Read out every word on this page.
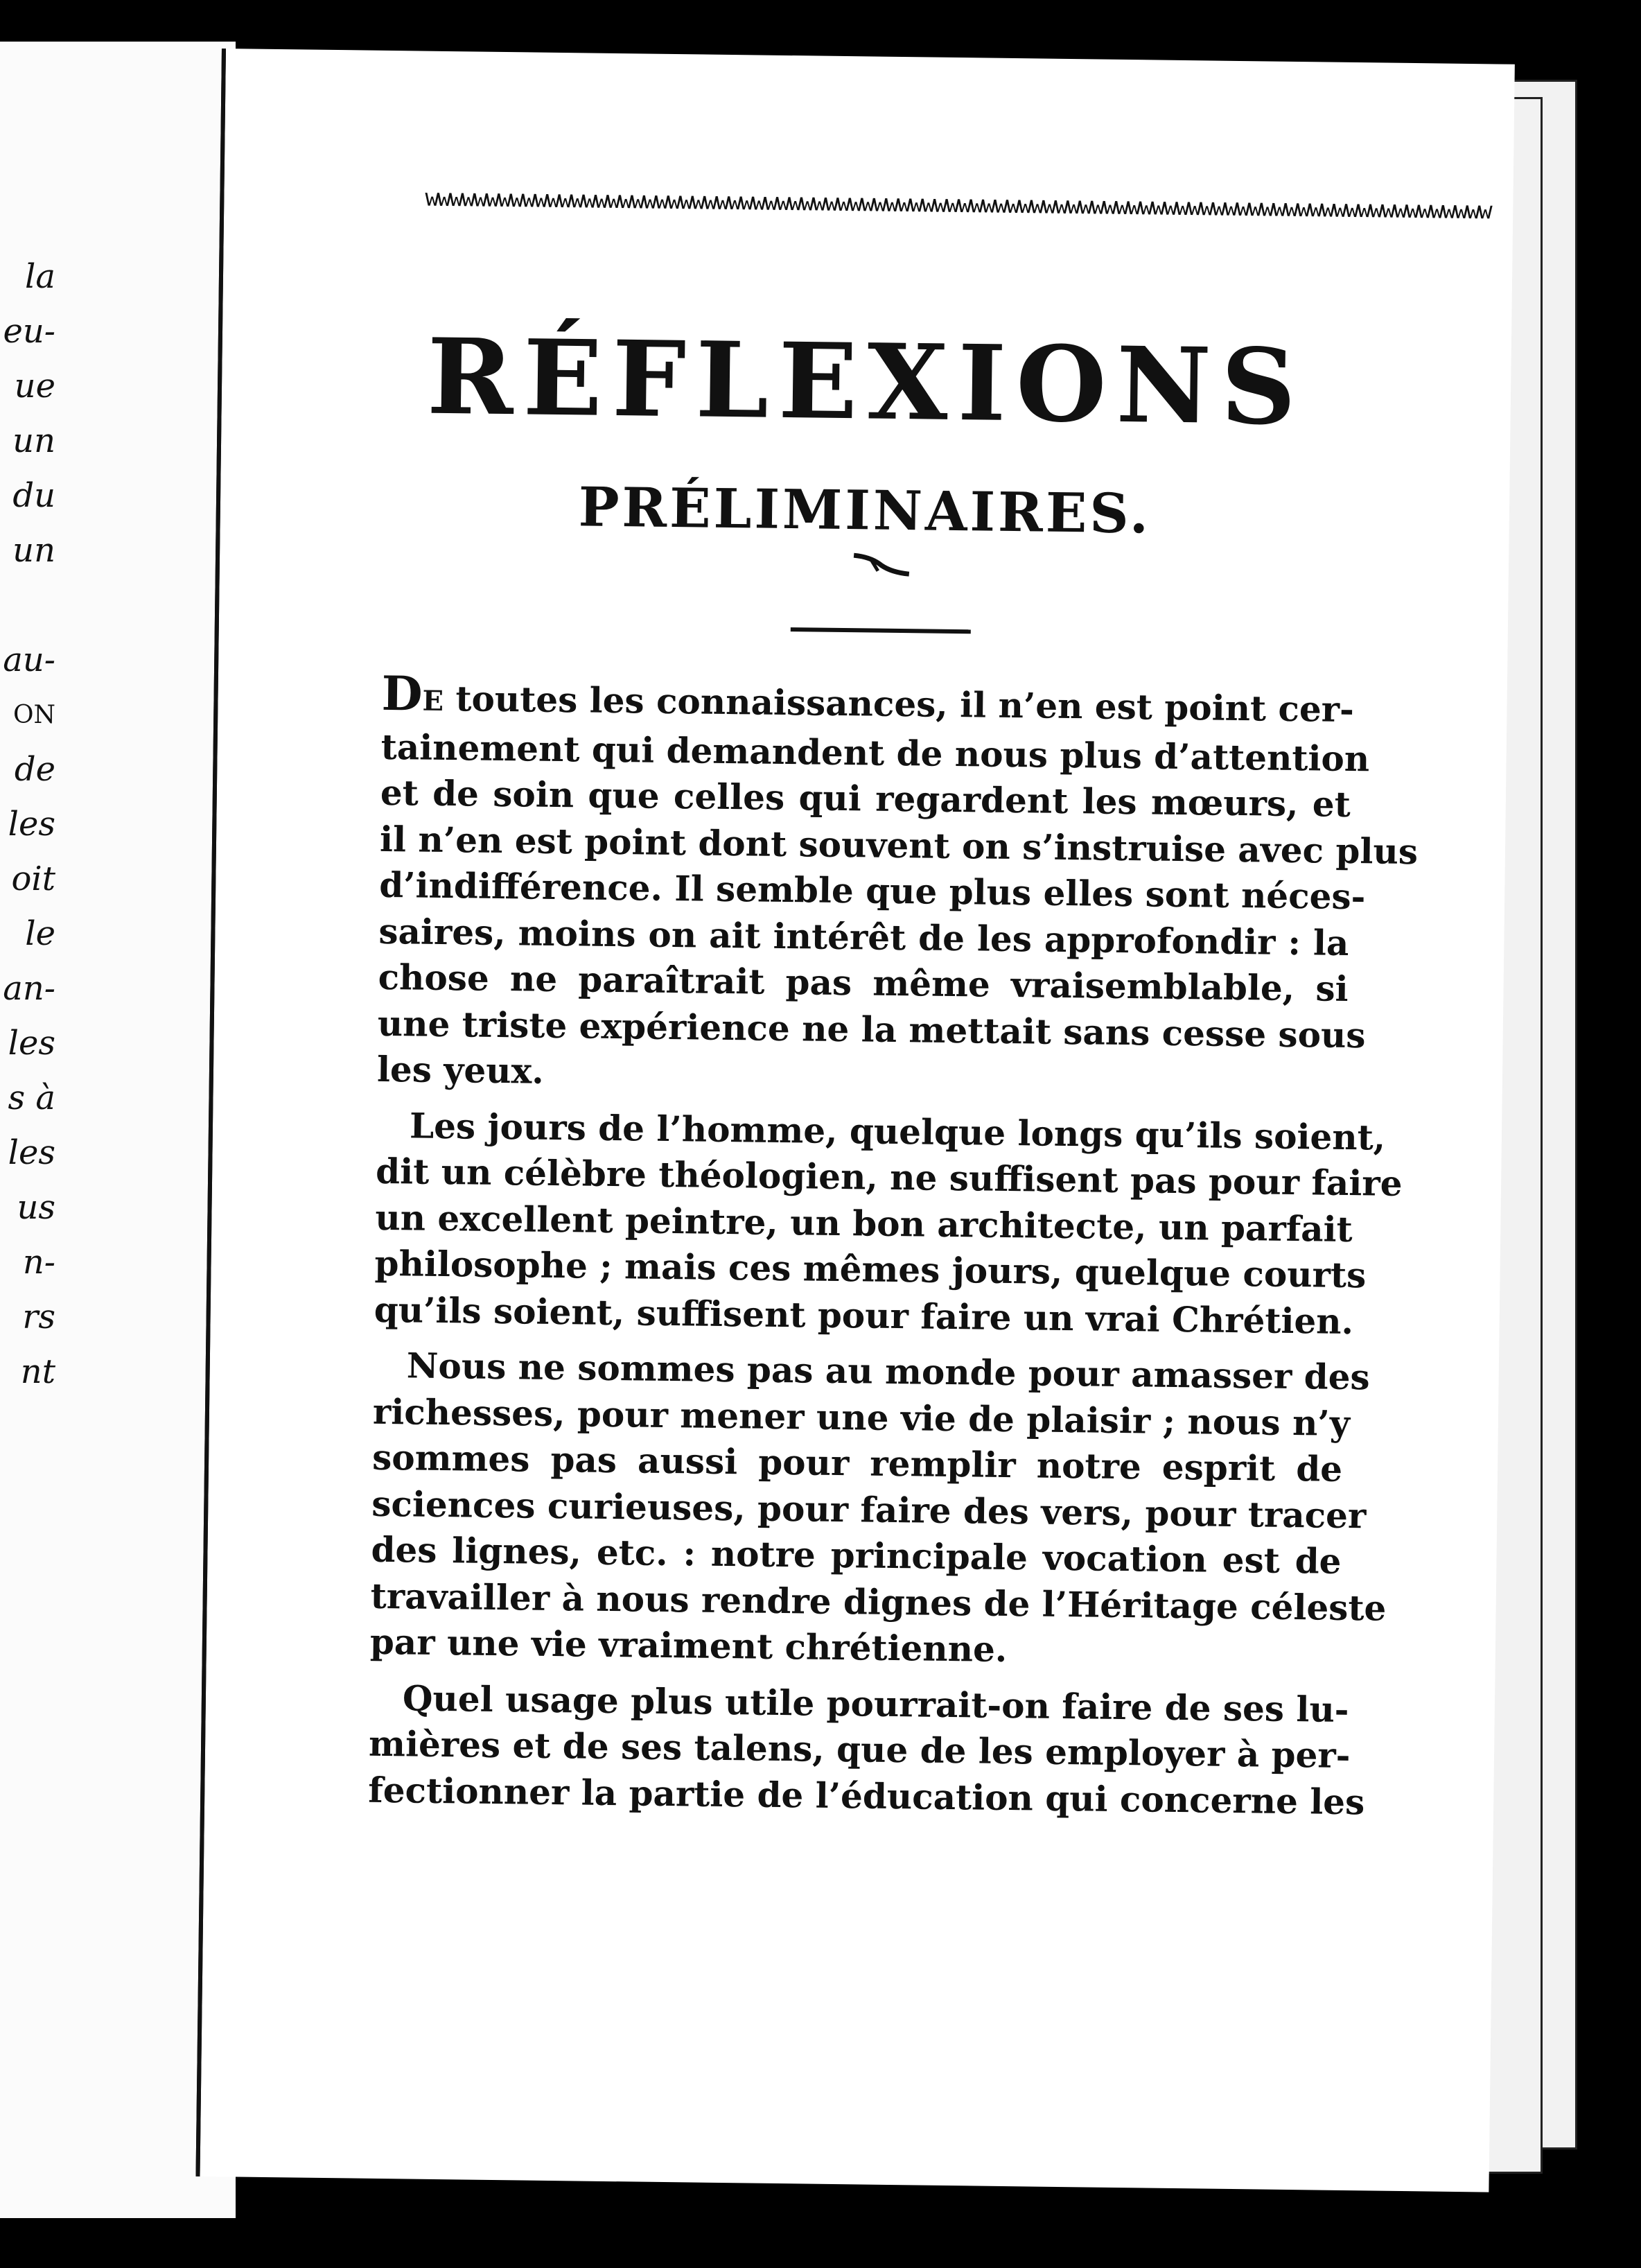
la
eu-
ue
un
du
un
au-
ON
de
les
oit
le
an-
les
s à
les
us
n-
rs
nt
wwwwwwwwwwwwwwwwwwwwwwwwwwwwwwwwwwwwwwwwwwwwwwwwwwwwwwwwwwwwwwwwwwwwwwwwwwwwwwwwwwwwwwww
RÉFLEXIONS
PRÉLIMINAIRES.

DE toutes les connaissances, il n’en est point cer-
tainement qui demandent de nous plus d’attention
et de soin que celles qui regardent les mœurs, et
il n’en est point dont souvent on s’instruise avec plus
d’indifférence. Il semble que plus elles sont néces-
saires, moins on ait intérêt de les approfondir : la
chose ne paraîtrait pas même vraisemblable, si
une triste expérience ne la mettait sans cesse sous
les yeux.

Les jours de l’homme, quelque longs qu’ils soient,
dit un célèbre théologien, ne suffisent pas pour faire
un excellent peintre, un bon architecte, un parfait
philosophe ; mais ces mêmes jours, quelque courts
qu’ils soient, suffisent pour faire un vrai Chrétien.

Nous ne sommes pas au monde pour amasser des
richesses, pour mener une vie de plaisir ; nous n’y
sommes pas aussi pour remplir notre esprit de
sciences curieuses, pour faire des vers, pour tracer
des lignes, etc. : notre principale vocation est de
travailler à nous rendre dignes de l’Héritage céleste
par une vie vraiment chrétienne.

Quel usage plus utile pourrait-on faire de ses lu-
mières et de ses talens, que de les employer à per-
fectionner la partie de l’éducation qui concerne les
